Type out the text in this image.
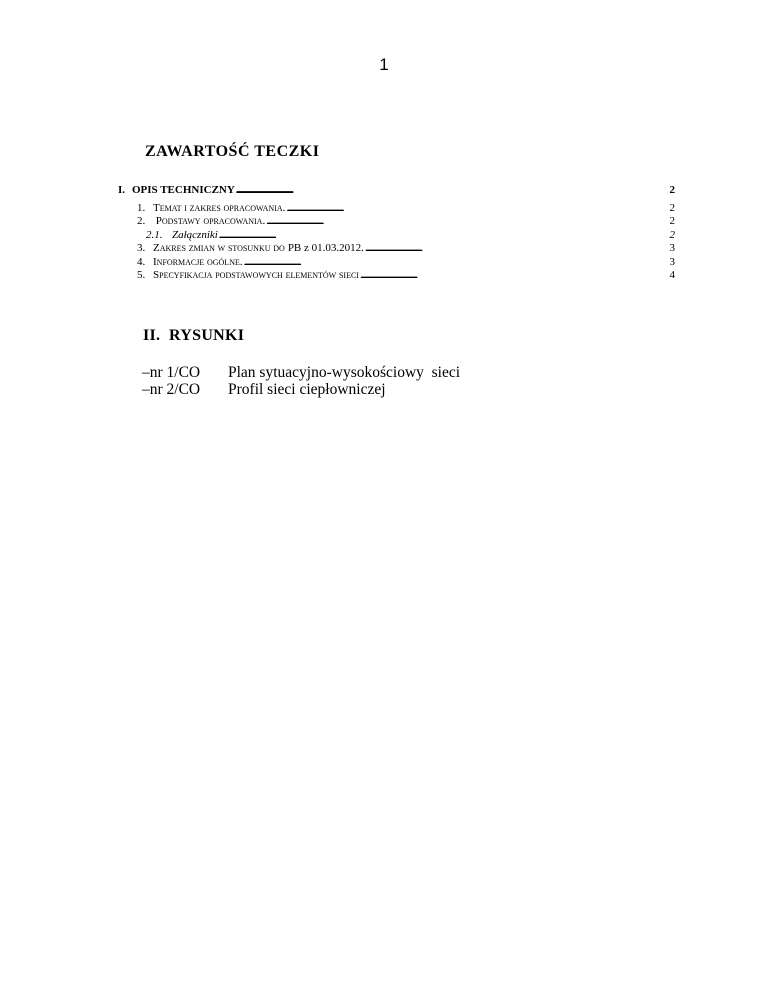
1
ZAWARTOŚĆ TECZKI
I. OPIS TECHNICZNY . . .	2
1. Temat i zakres opracowania. . . .	2
2. Podstawy opracowania. . . .	2
2.1. Załączniki . . .	2
3. Zakres zmian w stosunku do PB z 01.03.2012. . . .	3
4. Informacje ogólne. . . .	3
5. Specyfikacja podstawowych elementów sieci . . .	4
II. RYSUNKI
–nr 1/CO	Plan sytuacyjno-wysokościowy  sieci
–nr 2/CO	Profil sieci ciepłowniczej
